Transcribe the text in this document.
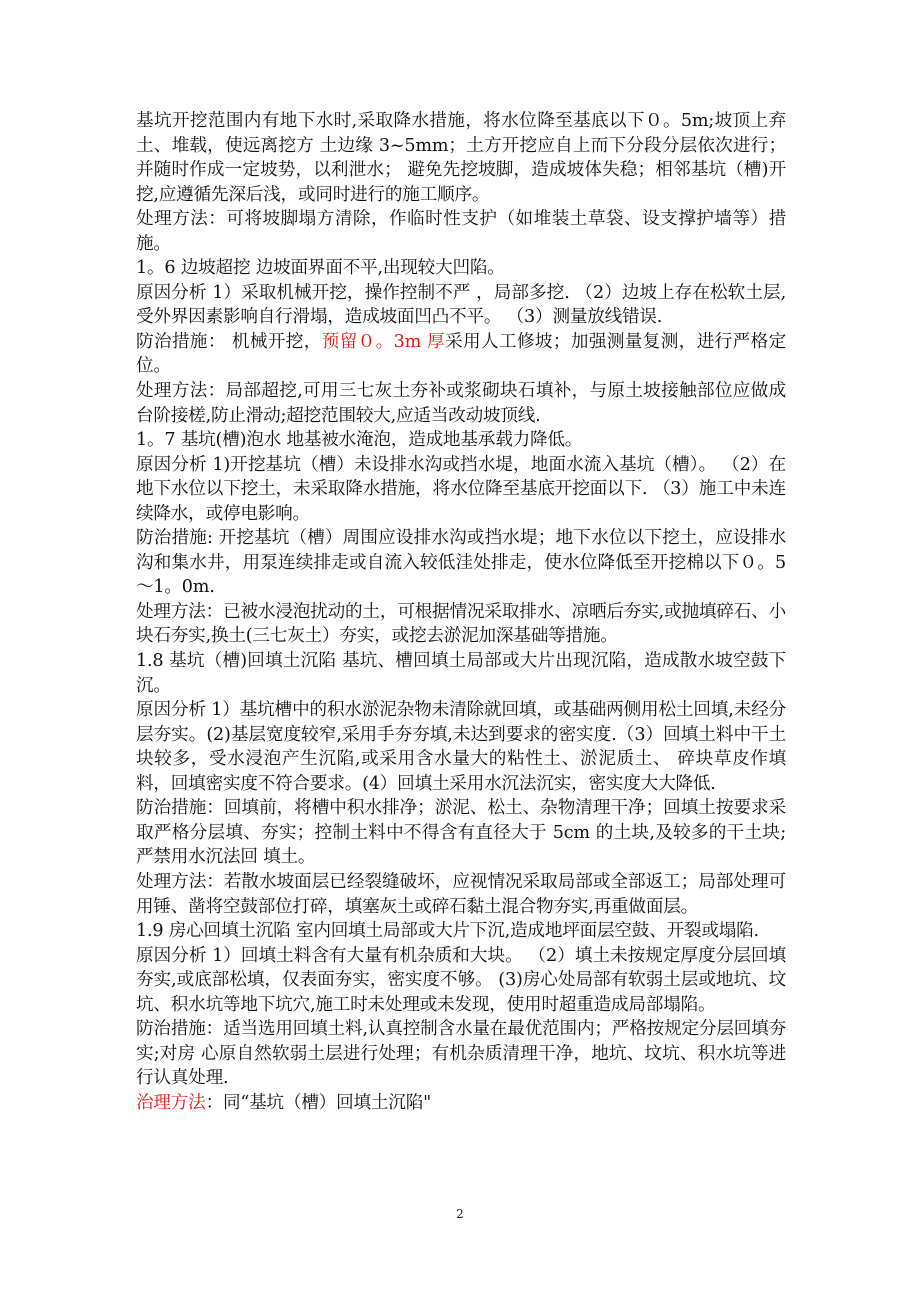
基坑开挖范围内有地下水时,采取降水措施，将水位降至基底以下０。5m;坡顶上弃土、堆载，使远离挖方 土边缘 3~5mm；土方开挖应自上而下分段分层依次进行；并随时作成一定坡势，以利泄水； 避免先挖坡脚，造成坡体失稳；相邻基坑（槽)开挖,应遵循先深后浅，或同时进行的施工顺序。

处理方法：可将坡脚塌方清除，作临时性支护（如堆装土草袋、设支撑护墙等）措施。

1。6 边坡超挖 边坡面界面不平,出现较大凹陷。

原因分析 1）采取机械开挖，操作控制不严 ，局部多挖. （2）边坡上存在松软土层,受外界因素影响自行滑塌，造成坡面凹凸不平。 （3）测量放线错误.

防治措施： 机械开挖，预留０。3m 厚采用人工修坡；加强测量复测，进行严格定位。

处理方法：局部超挖,可用三七灰土夯补或浆砌块石填补，与原土坡接触部位应做成 台阶接槎,防止滑动;超挖范围较大,应适当改动坡顶线.

1。7 基坑(槽)泡水 地基被水淹泡，造成地基承载力降低。

原因分析 1)开挖基坑（槽）未设排水沟或挡水堤，地面水流入基坑（槽）。 （2）在地下水位以下挖土，未采取降水措施，将水位降至基底开挖面以下. （3）施工中未连续降水，或停电影响。

防治措施: 开挖基坑（槽）周围应设排水沟或挡水堤；地下水位以下挖土，应设排水沟和集水井，用泵连续排走或自流入较低洼处排走，使水位降低至开挖棉以下０。5～1。0m.

处理方法：已被水浸泡扰动的土，可根据情况采取排水、凉晒后夯实,或抛填碎石、小块石夯实,换土(三七灰土）夯实，或挖去淤泥加深基础等措施。

1.8 基坑（槽)回填土沉陷 基坑、槽回填土局部或大片出现沉陷，造成散水坡空鼓下沉。

原因分析 1）基坑槽中的积水淤泥杂物未清除就回填，或基础两侧用松土回填,未经分层夯实。(2)基层宽度较窄,采用手夯夯填,未达到要求的密实度.（3）回填土料中干土块较多，受水浸泡产生沉陷,或采用含水量大的粘性土、淤泥质土、 碎块草皮作填料，回填密实度不符合要求。(4）回填土采用水沉法沉实，密实度大大降低.

防治措施：回填前，将槽中积水排净；淤泥、松土、杂物清理干净；回填土按要求采取严格分层填、夯实；控制土料中不得含有直径大于 5cm 的土块,及较多的干土块;严禁用水沉法回 填土。

处理方法：若散水坡面层已经裂缝破坏，应视情况采取局部或全部返工；局部处理可 用锤、凿将空鼓部位打碎，填塞灰土或碎石黏土混合物夯实,再重做面层。

1.9 房心回填土沉陷 室内回填土局部或大片下沉,造成地坪面层空鼓、开裂或塌陷.

原因分析 1）回填土料含有大量有机杂质和大块。 （2）填土未按规定厚度分层回填夯实,或底部松填，仅表面夯实，密实度不够。 (3)房心处局部有软弱土层或地坑、坟坑、积水坑等地下坑穴,施工时未处理或未发现，使用时超重造成局部塌陷。

防治措施：适当选用回填土料,认真控制含水量在最优范围内；严格按规定分层回填夯实;对房 心原自然软弱土层进行处理；有机杂质清理干净，地坑、坟坑、积水坑等进行认真处理.

治理方法：同“基坑（槽）回填土沉陷"

2
